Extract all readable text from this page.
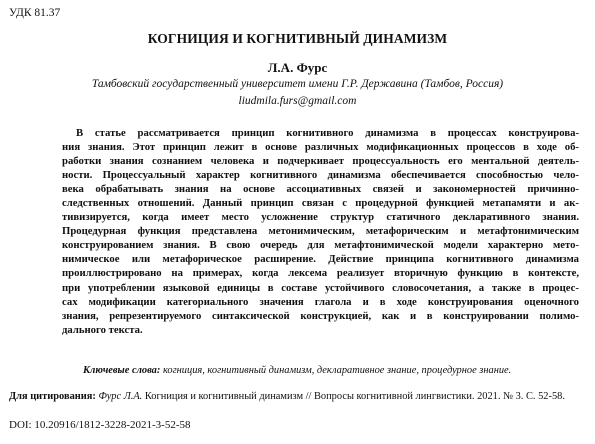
УДК 81.37
КОГНИЦИЯ И КОГНИТИВНЫЙ ДИНАМИЗМ
Л.А. Фурс
Тамбовский государственный университет имени Г.Р. Державина (Тамбов, Россия)
liudmila.furs@gmail.com
В статье рассматривается принцип когнитивного динамизма в процессах конструирова-
ния знания. Этот принцип лежит в основе различных модификационных процессов в ходе об-
работки знания сознанием человека и подчеркивает процессуальность его ментальной деятель-
ности. Процессуальный характер когнитивного динамизма обеспечивается способностью чело-
века обрабатывать знания на основе ассоциативных связей и закономерностей причинно-
следственных отношений. Данный принцип связан с процедурной функцией метапамяти и ак-
тивизируется, когда имеет место усложнение структур статичного декларативного знания.
Процедурная функция представлена метонимическим, метафорическим и метафтонимическим
конструированием знания. В свою очередь для метафтонимической модели характерно мето-
нимическое или метафорическое расширение. Действие принципа когнитивного динамизма
проиллюстрировано на примерах, когда лексема реализует вторичную функцию в контексте,
при употреблении языковой единицы в составе устойчивого словосочетания, а также в процес-
сах модификации категориального значения глагола и в ходе конструирования оценочного
знания, репрезентируемого синтаксической конструкцией, как и в конструировании полимо-
дального текста.
Ключевые слова: когниция, когнитивный динамизм, декларативное знание, процедурное знание.
Для цитирования: Фурс Л.А. Когниция и когнитивный динамизм // Вопросы когнитивной лингвистики. 2021. № 3. С. 52-58.
DOI: 10.20916/1812-3228-2021-3-52-58
